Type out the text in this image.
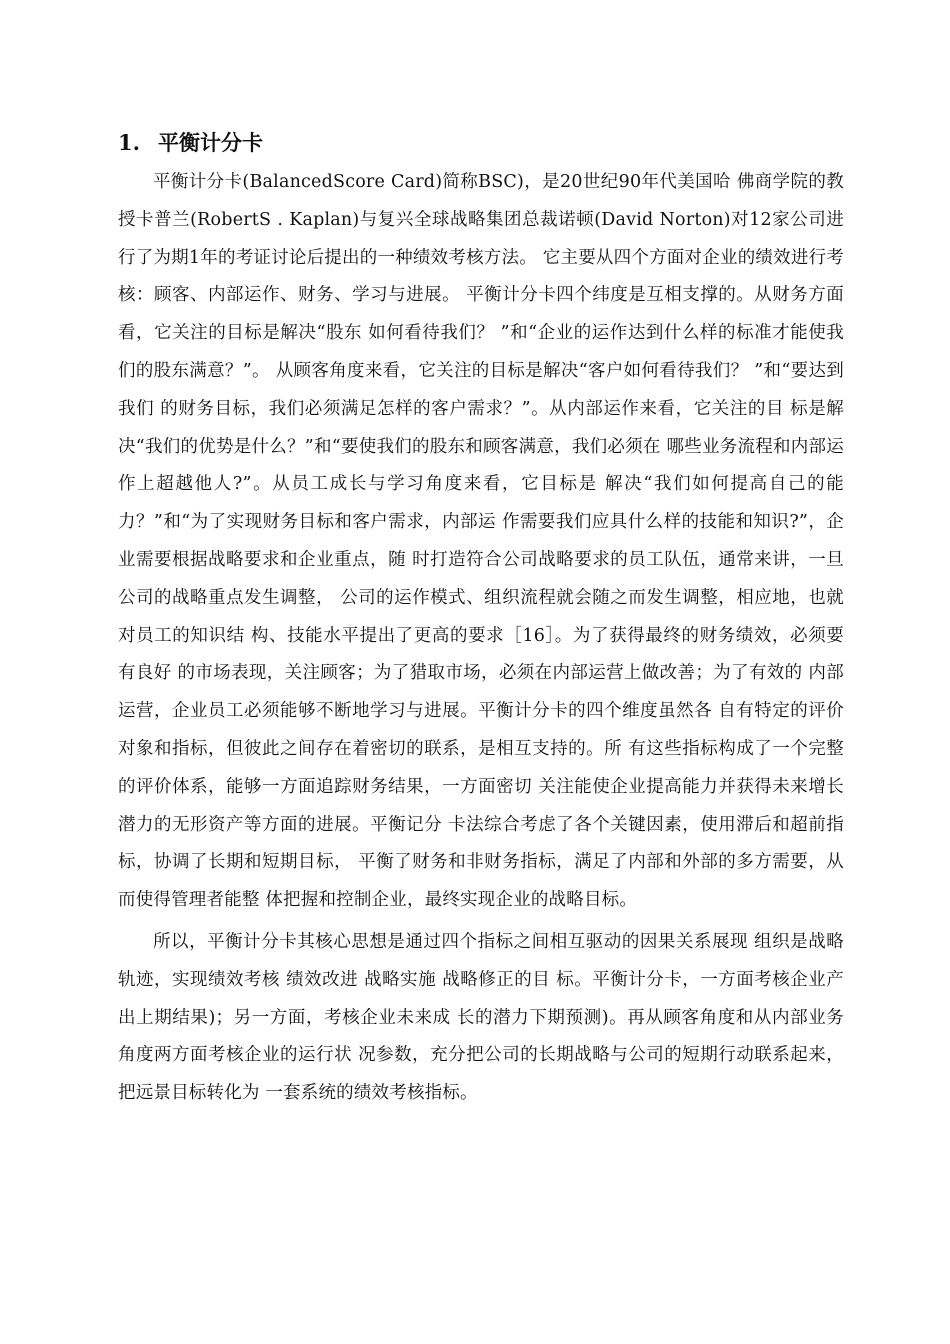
1. 平衡计分卡

平衡计分卡(BalancedScore Card)简称BSC)，是20世纪90年代美国哈 佛商学院的教授卡普兰(RobertS . Kaplan)与复兴全球战略集团总裁诺顿(David Norton)对12家公司进行了为期1年的考证讨论后提出的一种绩效考核方法。 它主要从四个方面对企业的绩效进行考核：顾客、内部运作、财务、学习与进展。 平衡计分卡四个纬度是互相支撑的。从财务方面看，它关注的目标是解决“股东 如何看待我们？ ”和“企业的运作达到什么样的标准才能使我们的股东满意？”。 从顾客角度来看，它关注的目标是解决“客户如何看待我们？ ”和“要达到我们 的财务目标，我们必须满足怎样的客户需求？”。从内部运作来看，它关注的目 标是解决“我们的优势是什么？”和“要使我们的股东和顾客满意，我们必须在 哪些业务流程和内部运作上超越他人?”。从员工成长与学习角度来看，它目标是 解决“我们如何提高自己的能力？”和“为了实现财务目标和客户需求，内部运 作需要我们应具什么样的技能和知识?”，企业需要根据战略要求和企业重点，随 时打造符合公司战略要求的员工队伍，通常来讲，一旦公司的战略重点发生调整， 公司的运作模式、组织流程就会随之而发生调整，相应地，也就对员工的知识结 构、技能水平提出了更高的要求［16］。为了获得最终的财务绩效，必须要有良好 的市场表现，关注顾客；为了猎取市场，必须在内部运营上做改善；为了有效的 内部运营，企业员工必须能够不断地学习与进展。平衡计分卡的四个维度虽然各 自有特定的评价对象和指标，但彼此之间存在着密切的联系，是相互支持的。所 有这些指标构成了一个完整的评价体系，能够一方面追踪财务结果，一方面密切 关注能使企业提高能力并获得未来增长潜力的无形资产等方面的进展。平衡记分 卡法综合考虑了各个关键因素，使用滞后和超前指标，协调了长期和短期目标， 平衡了财务和非财务指标，满足了内部和外部的多方需要，从而使得管理者能整 体把握和控制企业，最终实现企业的战略目标。

所以，平衡计分卡其核心思想是通过四个指标之间相互驱动的因果关系展现 组织是战略轨迹，实现绩效考核 绩效改进 战略实施 战略修正的目 标。平衡计分卡，一方面考核企业产出上期结果)；另一方面，考核企业未来成 长的潜力下期预测)。再从顾客角度和从内部业务角度两方面考核企业的运行状 况参数，充分把公司的长期战略与公司的短期行动联系起来，把远景目标转化为 一套系统的绩效考核指标。
